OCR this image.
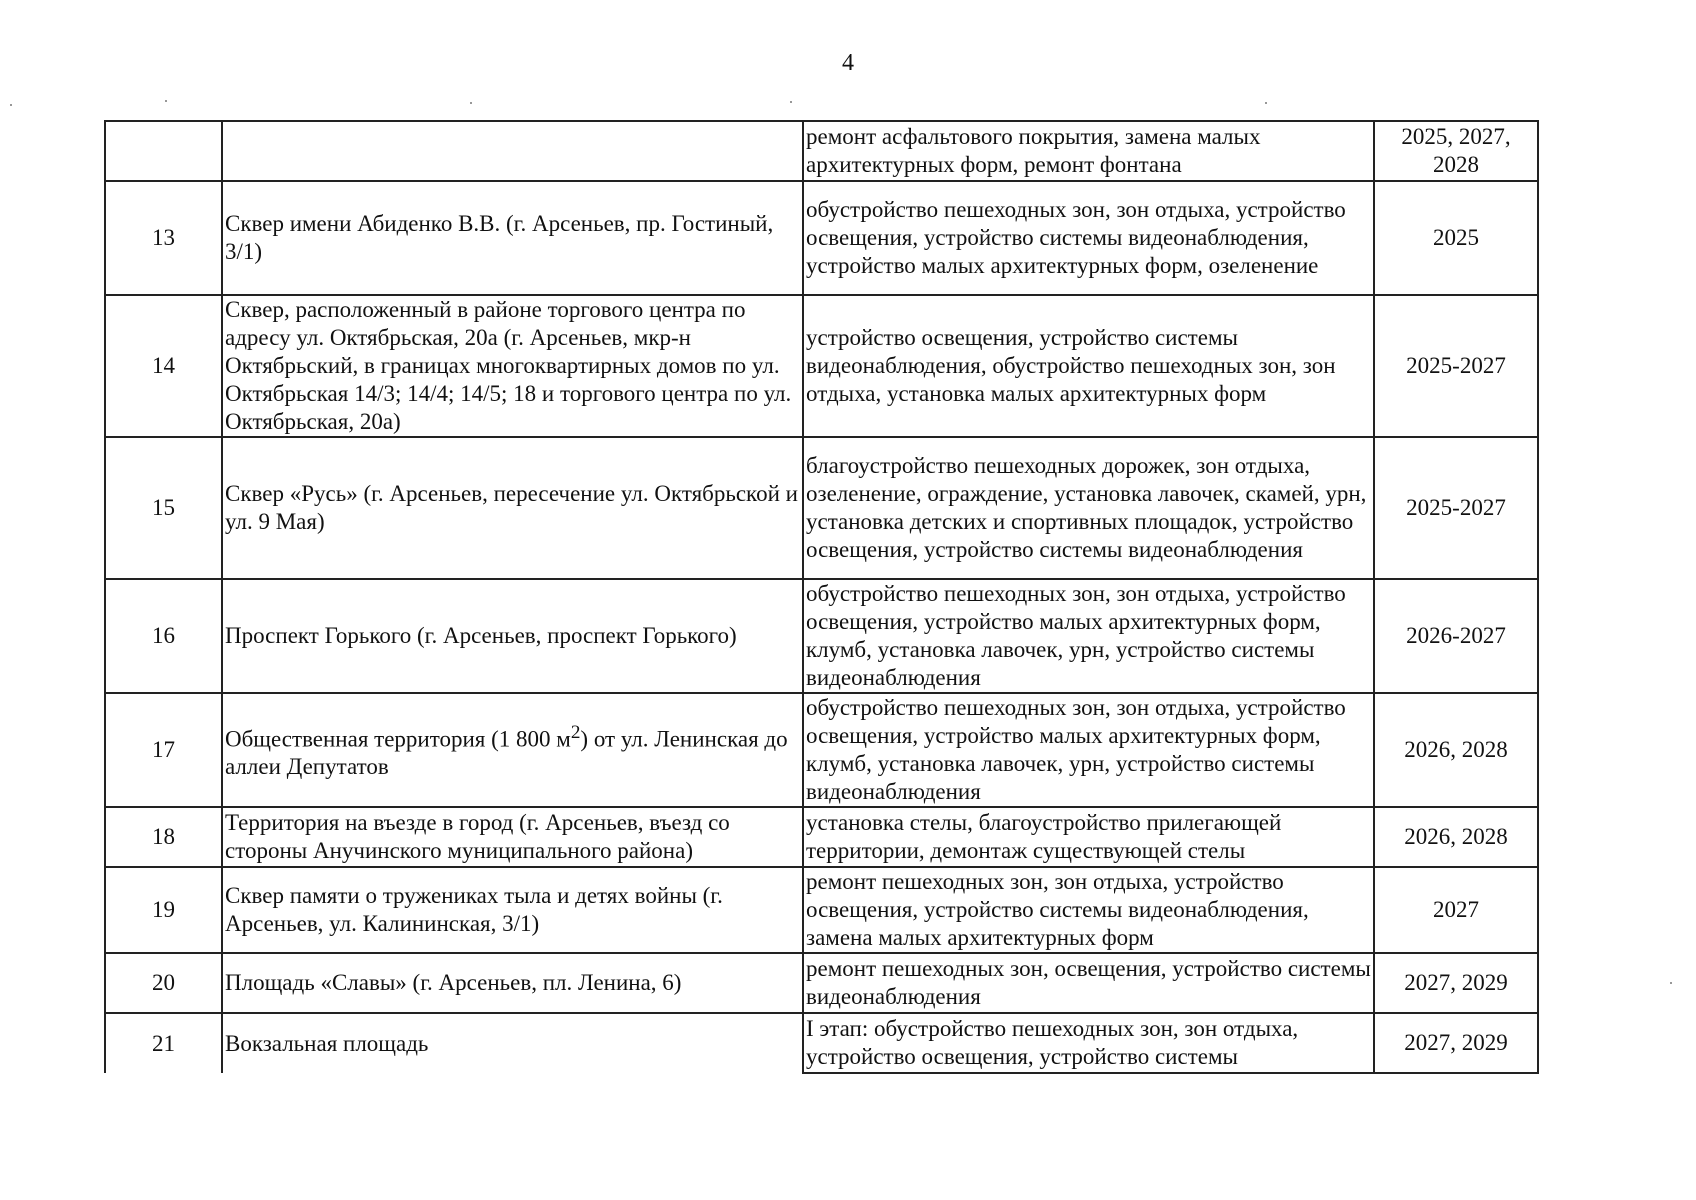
4
		ремонт асфальтового покрытия, замена малых архитектурных форм, ремонт фонтана	2025, 2027, 2028
13	Сквер имени Абиденко В.В. (г. Арсеньев, пр. Гостиный, 3/1)	обустройство пешеходных зон, зон отдыха, устройство освещения, устройство системы видеонаблюдения, устройство малых архитектурных форм, озеленение	2025
14	Сквер, расположенный в районе торгового центра по адресу ул. Октябрьская, 20а (г. Арсеньев, мкр-н Октябрьский, в границах многоквартирных домов по ул. Октябрьская 14/3; 14/4; 14/5; 18 и торгового центра по ул. Октябрьская, 20а)	устройство освещения, устройство системы видеонаблюдения, обустройство пешеходных зон, зон отдыха, установка малых архитектурных форм	2025-2027
15	Сквер «Русь» (г. Арсеньев, пересечение ул. Октябрьской и ул. 9 Мая)	благоустройство пешеходных дорожек, зон отдыха, озеленение, ограждение, установка лавочек, скамей, урн, установка детских и спортивных площадок, устройство освещения, устройство системы видеонаблюдения	2025-2027
16	Проспект Горького (г. Арсеньев, проспект Горького)	обустройство пешеходных зон, зон отдыха, устройство освещения, устройство малых архитектурных форм, клумб, установка лавочек, урн, устройство системы видеонаблюдения	2026-2027
17	Общественная территория (1 800 $м^2$) от ул. Ленинская до аллеи Депутатов	обустройство пешеходных зон, зон отдыха, устройство освещения, устройство малых архитектурных форм, клумб, установка лавочек, урн, устройство системы видеонаблюдения	2026, 2028
18	Территория на въезде в город (г. Арсеньев, въезд со стороны Анучинского муниципального района)	установка стелы, благоустройство прилегающей территории, демонтаж существующей стелы	2026, 2028
19	Сквер памяти о тружениках тыла и детях войны (г. Арсеньев, ул. Калининская, 3/1)	ремонт пешеходных зон, зон отдыха, устройство освещения, устройство системы видеонаблюдения, замена малых архитектурных форм	2027
20	Площадь «Славы» (г. Арсеньев, пл. Ленина, 6)	ремонт пешеходных зон, освещения, устройство системы видеонаблюдения	2027, 2029
21	Вокзальная площадь	I этап: обустройство пешеходных зон, зон отдыха, устройство освещения, устройство системы	2027, 2029
